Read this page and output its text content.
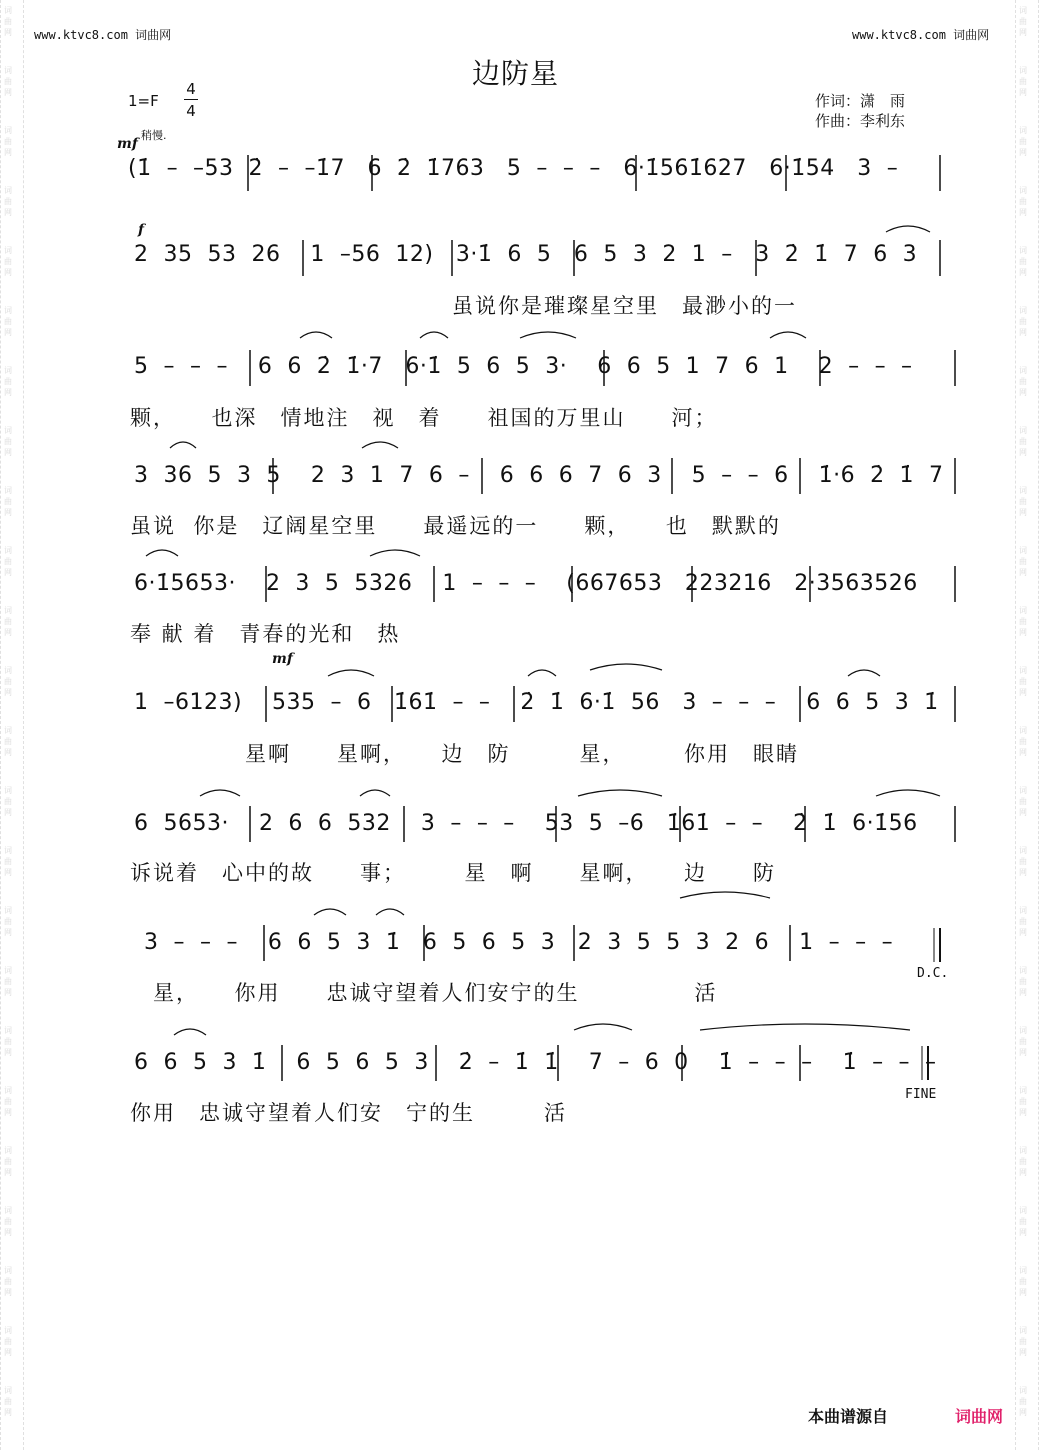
词
曲
网
词
曲
网
词
曲
网
词
曲
网
词
曲
网
词
曲
网
词
曲
网
词
曲
网
词
曲
网
词
曲
网
词
曲
网
词
曲
网
词
曲
网
词
曲
网
词
曲
网
词
曲
网
词
曲
网
词
曲
网
词
曲
网
词
曲
网
词
曲
网
词
曲
网
词
曲
网
词
曲
网
词
曲
网
词
曲
网
词
曲
网
词
曲
网
词
曲
网
词
曲
网
词
曲
网
词
曲
网
词
曲
网
词
曲
网
词
曲
网
词
曲
网
词
曲
网
词
曲
网
词
曲
网
词
曲
网
词
曲
网
词
曲
网
词
曲
网
词
曲
网
词
曲
网
词
曲
网
词
曲
网
词
曲
网
www.ktvc8.com 词曲网	www.ktvc8.com 词曲网
边防星
1=F
4
4
作词：潇　雨
作曲：李利东
mf
稍慢.
f
mf
D.C.
FINE
(1̇  –  –53  2̇  –  –1̇7   6  2̇  1̇763   5  –  –  –   6·1̇561̇627   6·1̇54   3  –
2  35  53  26    1  –56  12)   3·1̇  6  5   6  5  3  2  1  –   3  2̇  1̇  7  6  3
虽说你是璀璨星空里　最渺小的一
5  –  –  –    6  6  2̇  1̇·7   6·1̇  5  6  5  3·    6  6  5  1  7  6  1    2  –  –  –
颗，　　也深　情地注　视　着　　祖国的万里山　　河；
3  36  5  3  5    2  3  1  7  6  –    6  6  6  7  6  3    5  –  –  6    1̇·6  2̇  1̇  7
虽说  你是　辽阔星空里　　最遥远的一　　颗，　　也　默默的
6·1̇5653·    2  3  5  5326    1  –  –  –    (667653   223216   2·3563526
奉 献 着　青春的光和　热
1  –6123)    535  –  6   1̇61̇  –  –    2̇  1̇  6·1̇  56   3  –  –  –    6  6  5  3  1̇
　　　　　星啊　　星啊，　　边　防　　　星，　　　你用　眼睛
6  5653·    2  6  6  532    3  –  –  –    53  5  –6   1̇61̇  –  –    2̇  1̇  6·1̇56
诉说着　心中的故　　事；　　　星　啊　　星啊，　　边　　防
3  –  –  –    6  6  5  3  1̇   6  5  6  5  3   2  3  5  5  3  2  6    1  –  –  –
　星，　　你用　　忠诚守望着人们安宁的生　　　　　活
6  6  5  3  1̇    6  5  6  5  3    2̇  –  1̇  1̇    7  –  6  0    1̇  –  –  –    1̇  –  –  –
你用　忠诚守望着人们安　宁的生　　　活
本曲谱源自	词曲网
